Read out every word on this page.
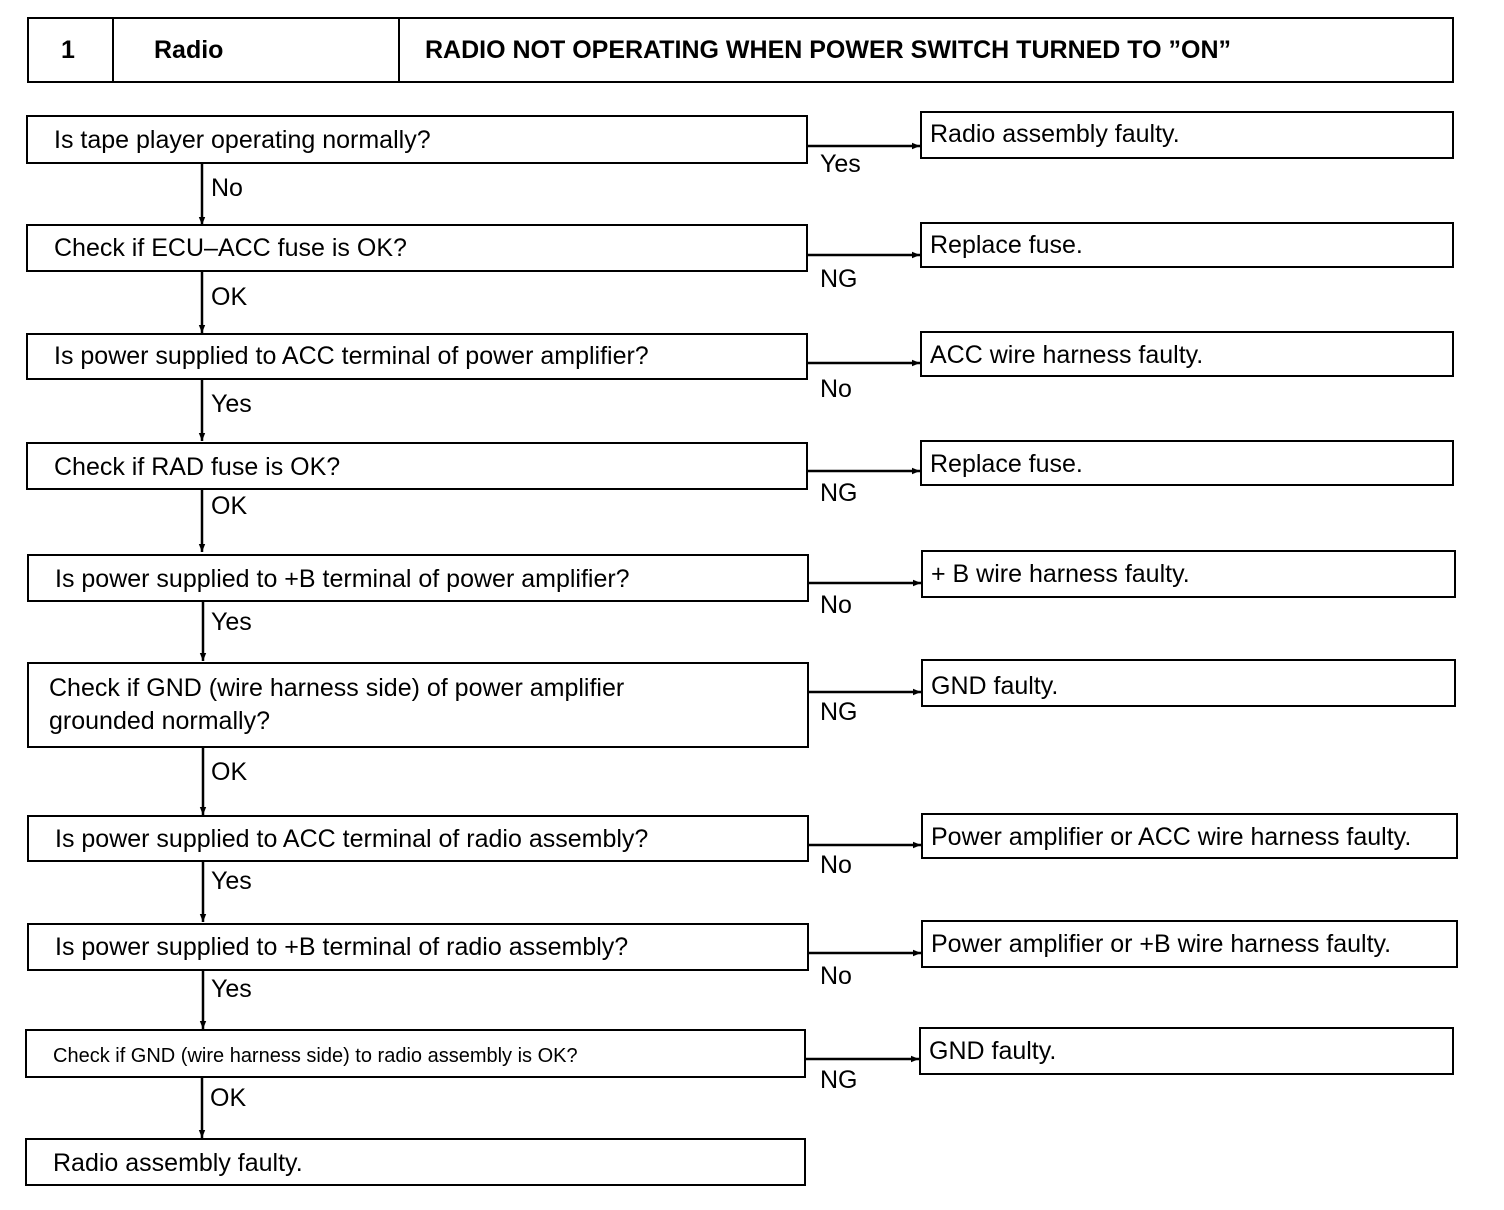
1	Radio	RADIO NOT OPERATING WHEN POWER SWITCH TURNED TO ”ON”
Is tape player operating normally?	Radio assembly faulty.
Yes
No
Check if ECU–ACC fuse is OK?	Replace fuse.
NG
OK
Is power supplied to ACC terminal of power amplifier?	ACC wire harness faulty.
No
Yes
Check if RAD fuse is OK?	Replace fuse.
NG
OK
Is power supplied to +B terminal of power amplifier?	+ B wire harness faulty.
No
Yes
Check if GND (wire harness side) of power amplifier
grounded normally?
GND faulty.
NG
OK
Is power supplied to ACC terminal of radio assembly?	Power amplifier or ACC wire harness faulty.
No
Yes
Is power supplied to +B terminal of radio assembly?	Power amplifier or +B wire harness faulty.
No
Yes
Check if GND (wire harness side) to radio assembly is OK?	GND faulty.
NG
OK
Radio assembly faulty.
